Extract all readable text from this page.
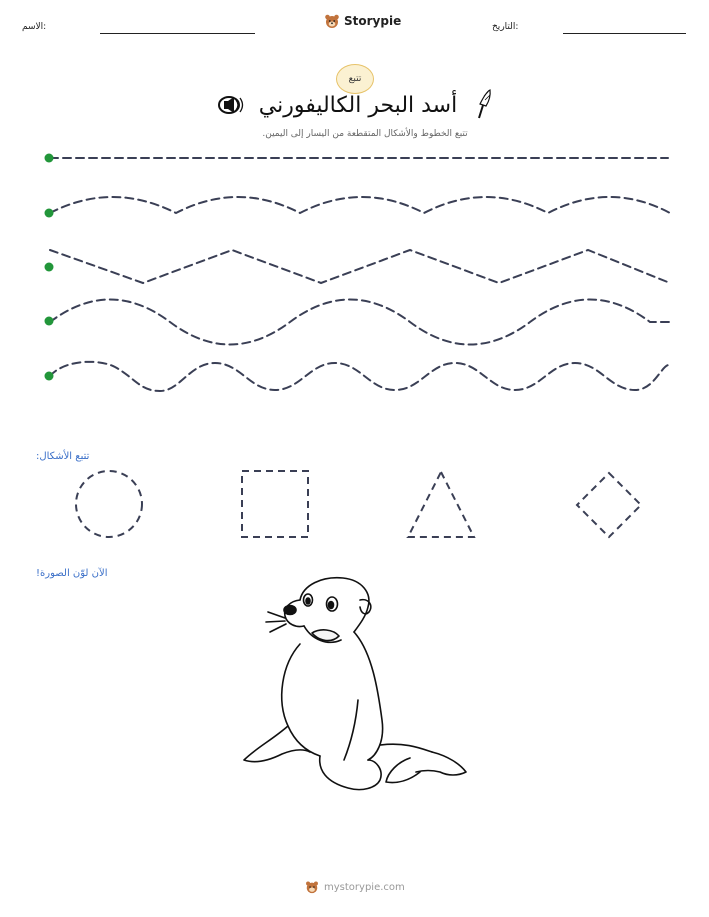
الاسم:	Storypie	التاريخ:
تتبع
أسد البحر الكاليفورني
تتبع الخطوط والأشكال المتقطعة من اليسار إلى اليمين.
تتبع الأشكال:
الآن لوّن الصورة!
mystorypie.com
